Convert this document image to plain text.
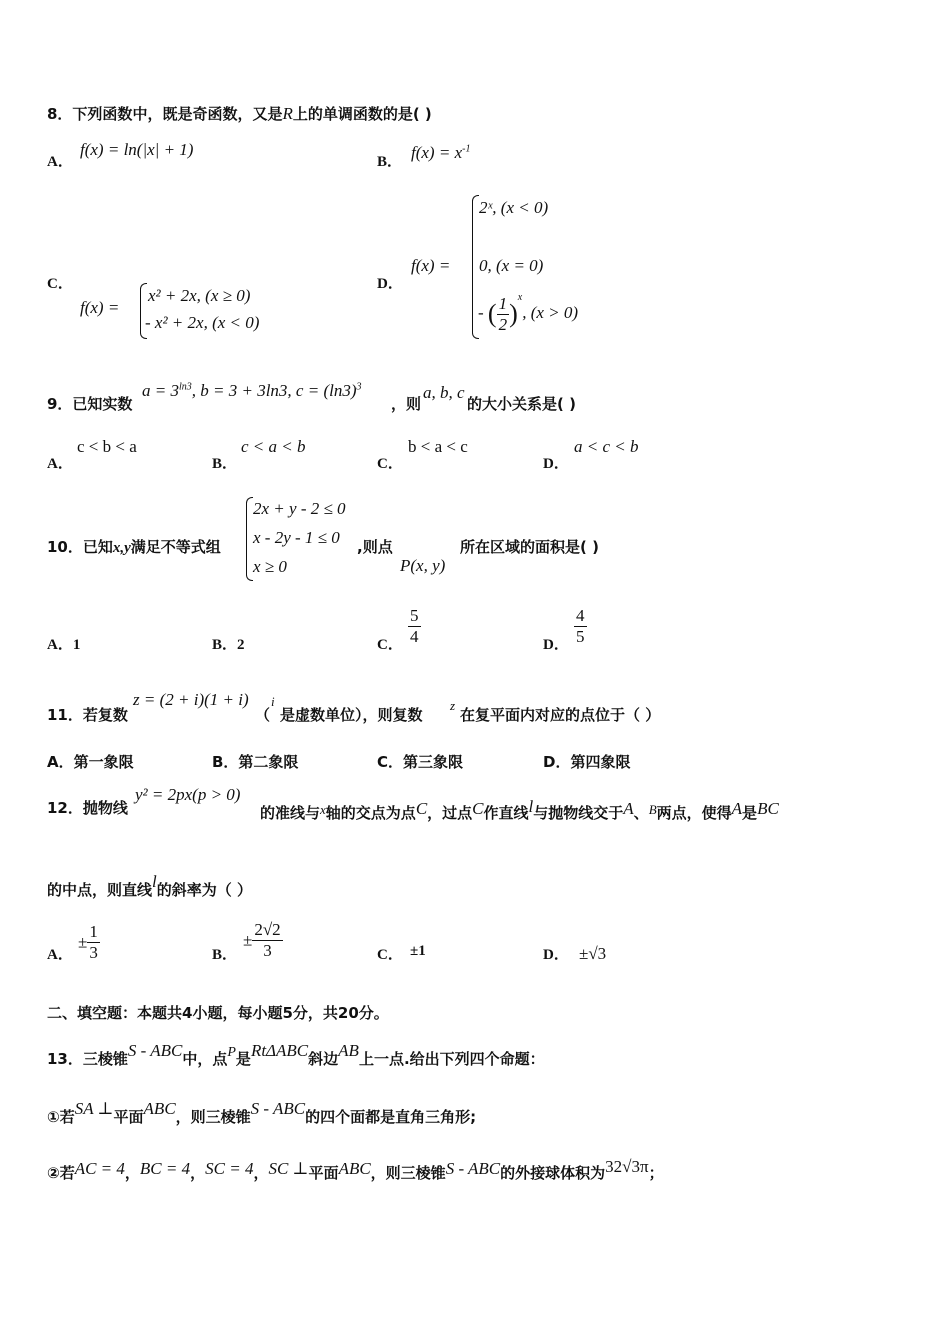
8．下列函数中，既是奇函数，又是R上的单调函数的是( )
A．
f(x) = ln(|x| + 1)
B． $f(x) = x^{-1}$
C．
f(x) =
x² + 2x, (x ≥ 0)
- x² + 2x, (x < 0)
D．
f(x) =
2ˣ, (x < 0)
0, (x = 0)
- ( $\frac{1}{2} )^x$, (x > 0)
9．已知实数
$a = 3^{ln3}$, b = 3 + 3ln3, $c = (\ln 3)^3$
，则
a, b, c
的大小关系是( )
A．
c < b < a
B．
c < a < b
C．
b < a < c
D．
a < c < b
10．已知x,y满足不等式组
2x + y - 2 ≤ 0
x - 2y - 1 ≤ 0
x ≥ 0
,则点
P(x, y)
所在区域的面积是( )
A．1	B．2	C． $\frac{5}{4}$	D． $\frac{4}{5}$
11．若复数
z = (2 + i)(1 + i)
（
i
是虚数单位），则复数
z
在复平面内对应的点位于（ ）
A．第一象限	B．第二象限	C．第三象限	D．第四象限
12．抛物线
y² = 2px(p > 0)
的准线与x轴的交点为点C，过点C作直线l与抛物线交于A、B两点，使得A是BC
的中点，则直线l的斜率为（ ）
A．
± $\frac{1}{3}$	B．
± $\frac{2√2}{3}$	C． ±1	D． ±√3
二、填空题：本题共4小题，每小题5分，共20分。
13．三棱锥S - ABC中，点P是RtΔABC斜边AB上一点.给出下列四个命题：
①若SA ⊥平面ABC，则三棱锥S - ABC的四个面都是直角三角形;
②若AC = 4，BC = 4，SC = 4，SC ⊥平面ABC，则三棱锥S - ABC的外接球体积为32√3π；
